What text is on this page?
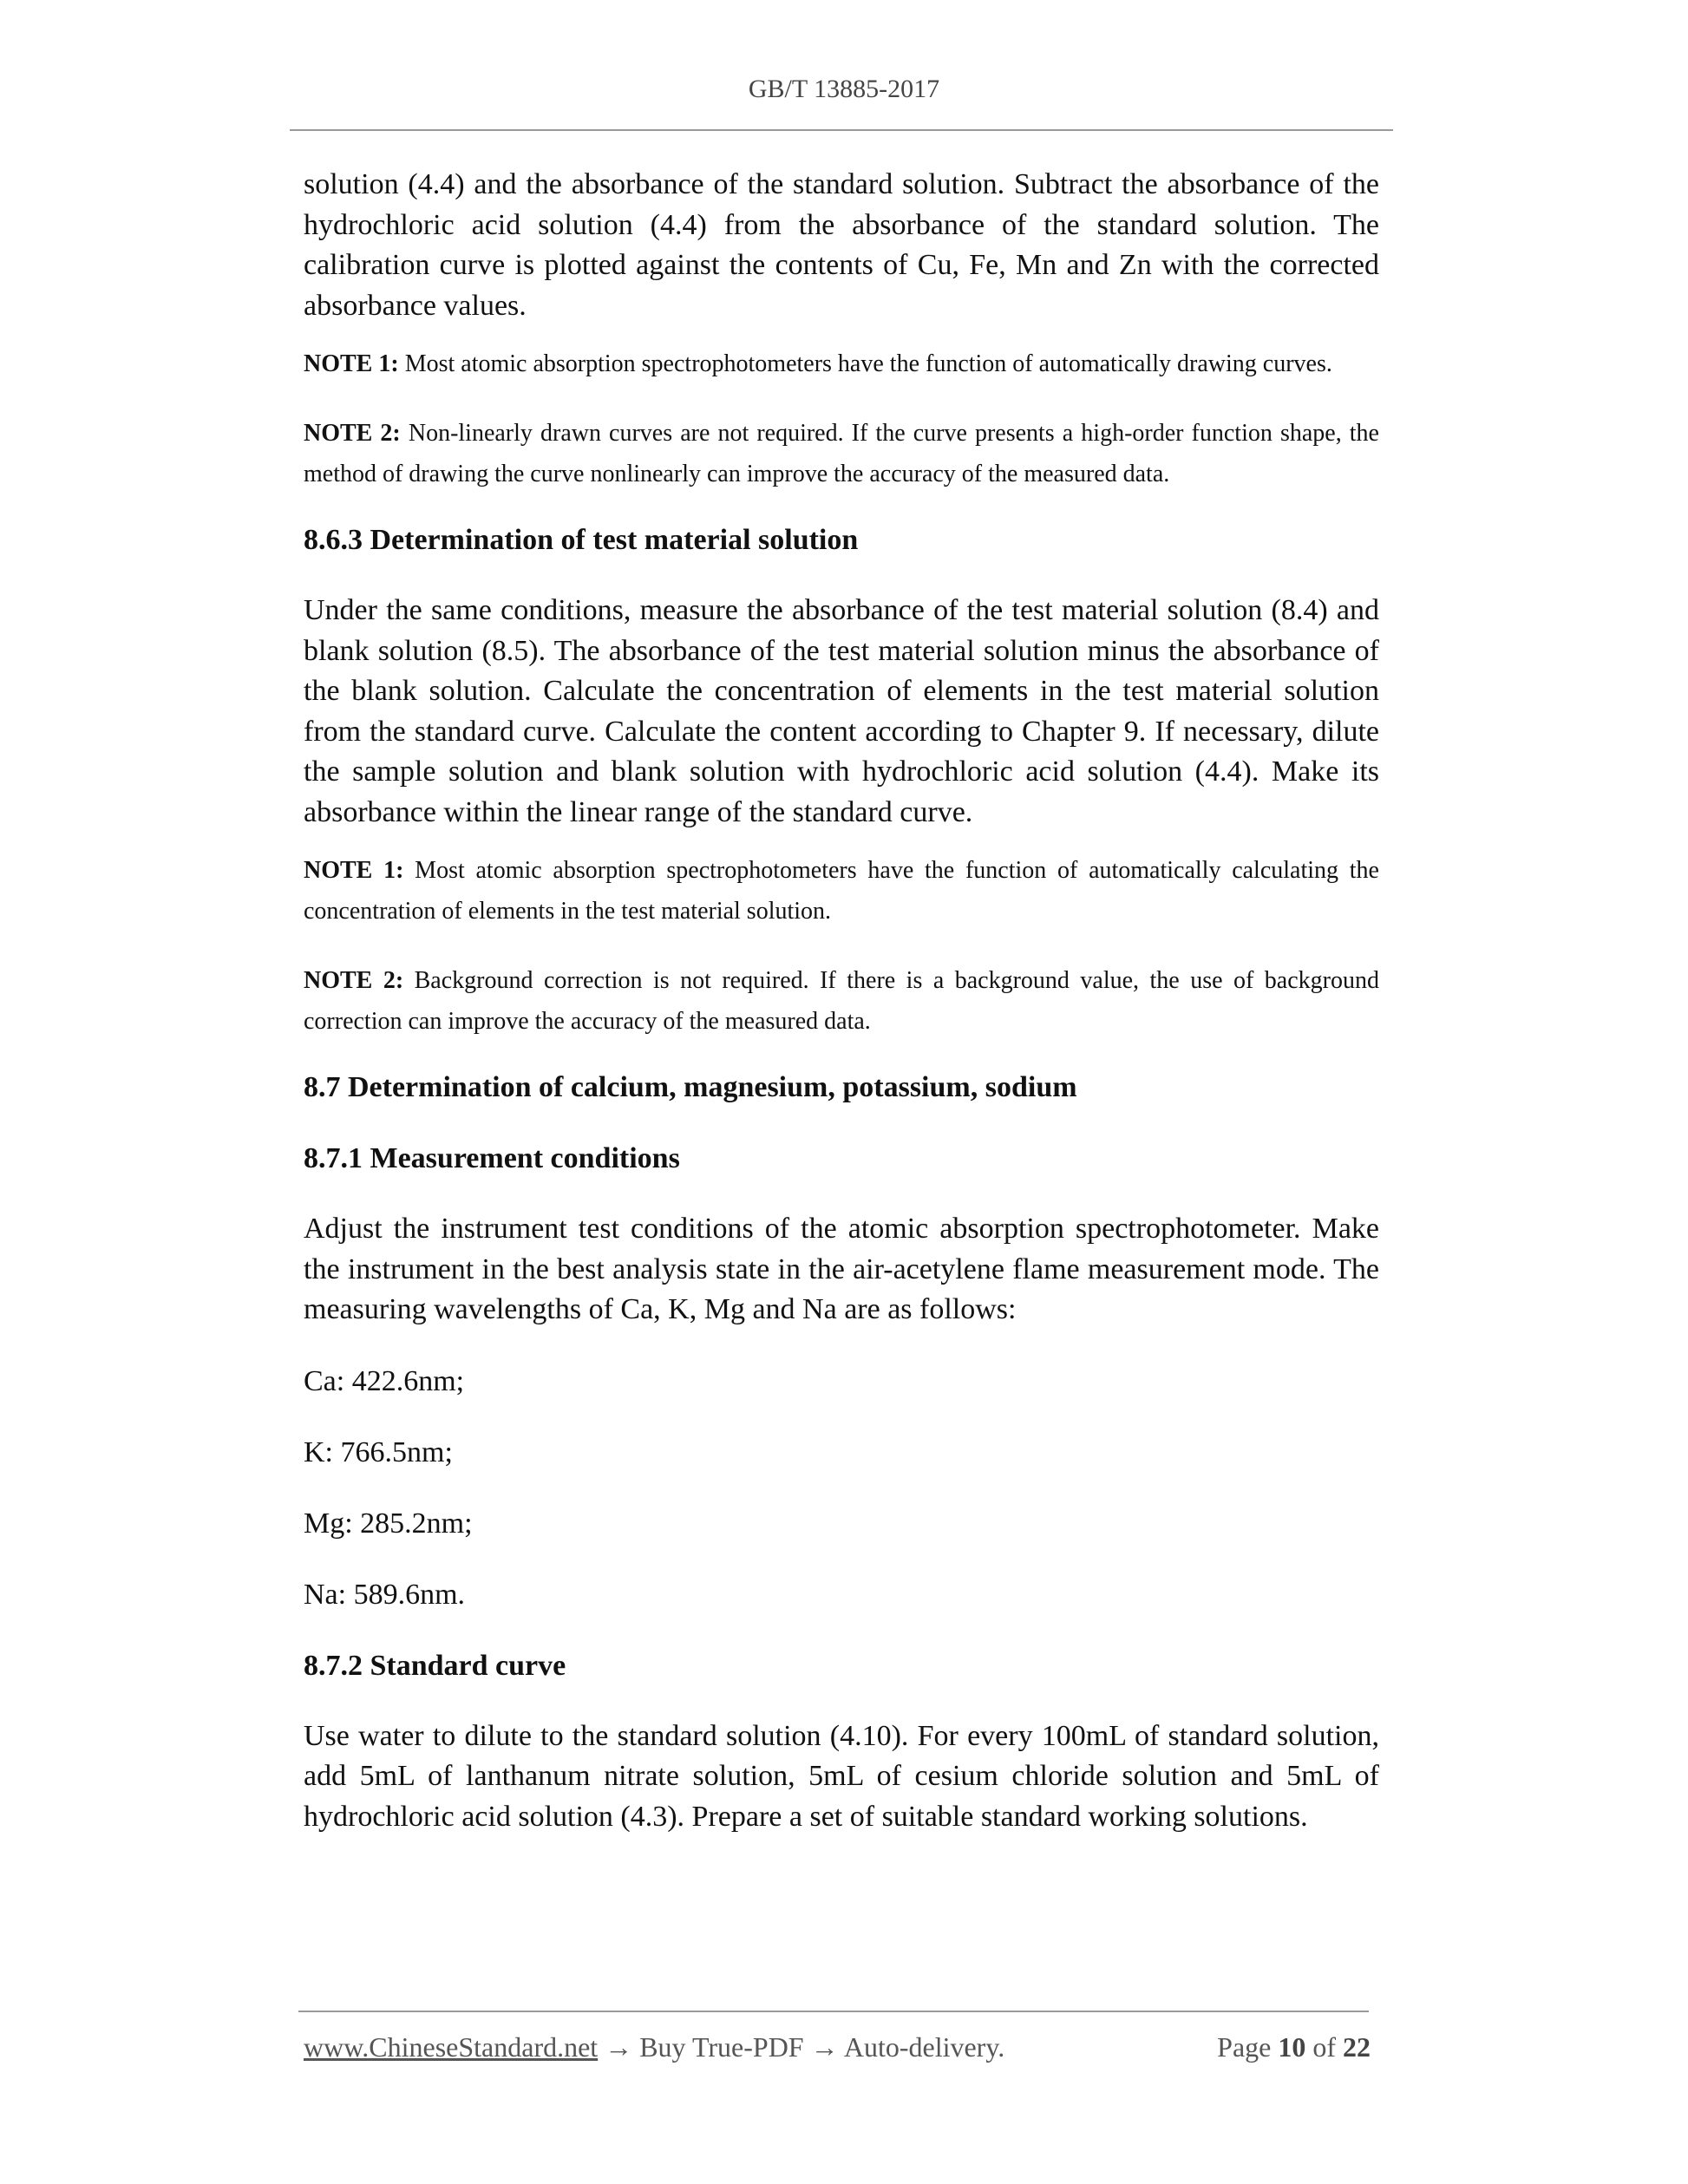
GB/T 13885-2017

solution (4.4) and the absorbance of the standard solution. Subtract the absorbance of the hydrochloric acid solution (4.4) from the absorbance of the standard solution. The calibration curve is plotted against the contents of Cu, Fe, Mn and Zn with the corrected absorbance values.

NOTE 1: Most atomic absorption spectrophotometers have the function of automatically drawing curves.

NOTE 2: Non-linearly drawn curves are not required. If the curve presents a high-order function shape, the method of drawing the curve nonlinearly can improve the accuracy of the measured data.

8.6.3 Determination of test material solution

Under the same conditions, measure the absorbance of the test material solution (8.4) and blank solution (8.5). The absorbance of the test material solution minus the absorbance of the blank solution. Calculate the concentration of elements in the test material solution from the standard curve. Calculate the content according to Chapter 9. If necessary, dilute the sample solution and blank solution with hydrochloric acid solution (4.4). Make its absorbance within the linear range of the standard curve.

NOTE 1: Most atomic absorption spectrophotometers have the function of automatically calculating the concentration of elements in the test material solution.

NOTE 2: Background correction is not required. If there is a background value, the use of background correction can improve the accuracy of the measured data.

8.7 Determination of calcium, magnesium, potassium, sodium
8.7.1 Measurement conditions

Adjust the instrument test conditions of the atomic absorption spectrophotometer. Make the instrument in the best analysis state in the air-acetylene flame measurement mode. The measuring wavelengths of Ca, K, Mg and Na are as follows:

Ca: 422.6nm;

K: 766.5nm;

Mg: 285.2nm;

Na: 589.6nm.

8.7.2 Standard curve

Use water to dilute to the standard solution (4.10). For every 100mL of standard solution, add 5mL of lanthanum nitrate solution, 5mL of cesium chloride solution and 5mL of hydrochloric acid solution (4.3). Prepare a set of suitable standard working solutions.

www.ChineseStandard.net → Buy True-PDF → Auto-delivery.	Page 10 of 22
